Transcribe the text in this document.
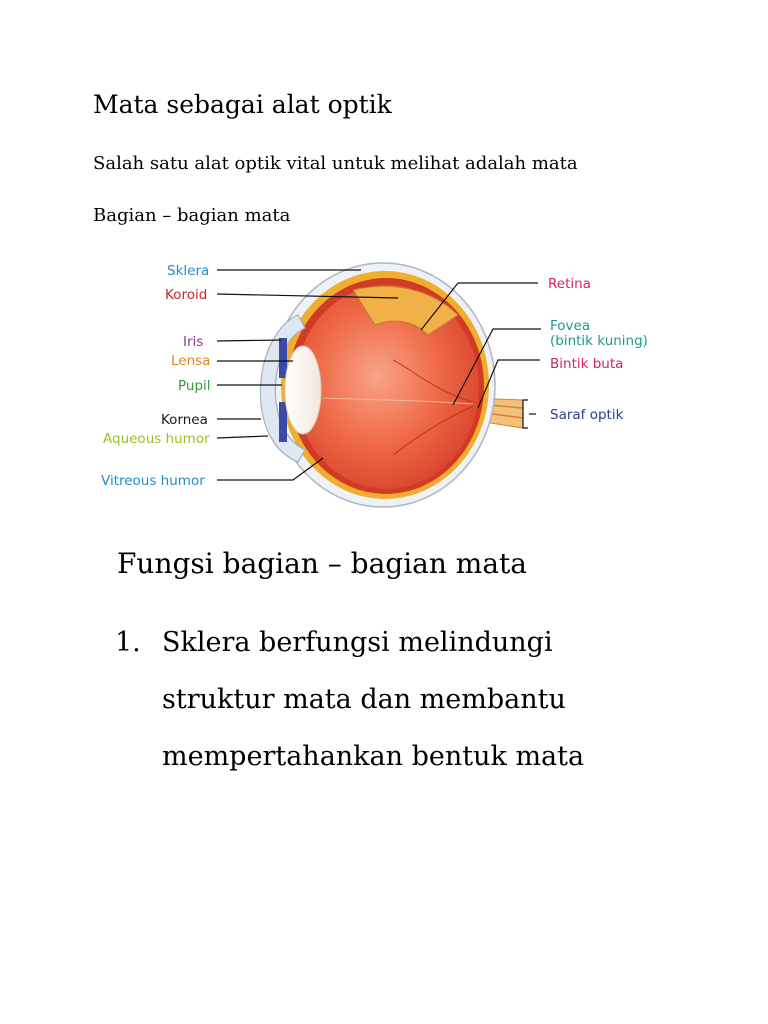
Mata sebagai alat optik

Salah satu alat optik vital untuk melihat adalah mata

Bagian – bagian mata

Sklera
Koroid
Iris
Lensa
Pupil
Kornea
Aqueous humor
Vitreous humor
Retina
Fovea
(bintik kuning)
Bintik buta
Saraf optik
Fungsi bagian – bagian mata
1. Sklera berfungsi melindungi struktur mata dan membantu mempertahankan bentuk mata
